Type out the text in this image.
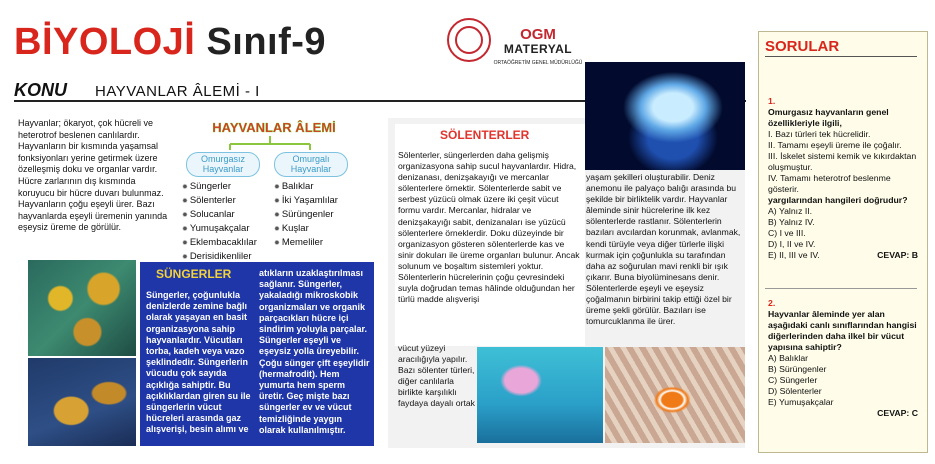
BİYOLOJİ Sınıf-9	OGM
MATERYAL
ORTAÖĞRETİM GENEL MÜDÜRLÜĞÜ
KONU HAYVANLAR ÂLEMİ - I
Hayvanlar; ökaryot, çok hücreli ve heterotrof beslenen canlılardır. Hayvanların bir kısmında yaşamsal fonksiyonları yerine getirmek üzere özelleşmiş doku ve organlar vardır. Hücre zarlarının dış kısmında koruyucu bir hücre duvarı bulunmaz. Hayvanların çoğu eşeyli ürer. Bazı hayvanlarda eşeyli üremenin yanında eşeysiz üreme de görülür.
HAYVANLAR ÂLEMİ
Omurgasız Hayvanlar
Omurgalı Hayvanlar
✹ Süngerler
✹ Sölenterler
✹ Solucanlar
✹ Yumuşakçalar
✹ Eklembacaklılar
✹ Derisidikenliler
✹ Balıklar
✹ İki Yaşamlılar
✹ Sürüngenler
✹ Kuşlar
✹ Memeliler
SÜNGERLER
Süngerler, çoğunlukla denizlerde zemine bağlı olarak yaşayan en basit organizasyona sahip hayvanlardır. Vücutları torba, kadeh veya vazo şeklindedir. Süngerlerin vücudu çok sayıda açıklığa sahiptir. Bu açıklıklardan giren su ile süngerlerin vücut hücreleri arasında gaz alışverişi, besin alımı ve
atıkların uzaklaştırılması sağlanır. Süngerler, yakaladığı mikroskobik organizmaları ve organik parçacıkları hücre içi sindirim yoluyla parçalar. Süngerler eşeyli ve eşeysiz yolla üreyebilir. Çoğu sünger çift eşeylidir (hermafrodit). Hem yumurta hem sperm üretir. Geç mişte bazı süngerler ev ve vücut temizliğinde yaygın olarak kullanılmıştır.
SÖLENTERLER
Sölenterler, süngerlerden daha gelişmiş organizasyona sahip sucul hayvanlardır. Hidra, denizanası, denizşakayığı ve mercanlar sölenterlere örnektir. Sölenterlerde sabit ve serbest yüzücü olmak üzere iki çeşit vücut formu vardır. Mercanlar, hidralar ve denizşakayığı sabit, denizanaları ise yüzücü sölenterlere örneklerdir. Doku düzeyinde bir organizasyon gösteren sölenterlerde kas ve sinir dokuları ile üreme organları bulunur. Ancak solunum ve boşaltım sistemleri yoktur. Sölenterlerin hücrelerinin çoğu çevresindeki suyla doğrudan temas hâlinde olduğundan her türlü madde alışverişi
vücut yüzeyi aracılığıyla yapılır. Bazı sölenter türleri, diğer canlılarla birlikte karşılıklı faydaya dayalı ortak
yaşam şekilleri oluşturabilir. Deniz anemonu ile palyaço balığı arasında bu şekilde bir birliktelik vardır. Hayvanlar âleminde sinir hücrelerine ilk kez sölenterlerde rastlanır. Sölenterlerin bazıları avcılardan korunmak, avlanmak, kendi türüyle veya diğer türlerle ilişki kurmak için çoğunlukla su tarafından daha az soğurulan mavi renkli bir ışık çıkarır. Buna biyolüminesans denir. Sölenterlerde eşeyli ve eşeysiz çoğalmanın birbirini takip ettiği özel bir üreme şekli görülür. Bazıları ise tomurcuklanma ile ürer.
SORULAR
1.
Omurgasız hayvanların genel özellikleriyle ilgili,
I. Bazı türleri tek hücrelidir.
II. Tamamı eşeyli üreme ile çoğalır.
III. İskelet sistemi kemik ve kıkırdaktan oluşmuştur.
IV. Tamamı heterotrof beslenme gösterir.
yargılarından hangileri doğrudur?
A) Yalnız II.
B) Yalnız IV.
C) I ve III.
D) I, II ve IV.
E) II, III ve IV.	CEVAP: B
2.
Hayvanlar âleminde yer alan aşağıdaki canlı sınıflarından hangisi diğerlerinden daha ilkel bir vücut yapısına sahiptir?
A) Balıklar
B) Sürüngenler
C) Süngerler
D) Sölenterler
E) Yumuşakçalar
CEVAP: C
